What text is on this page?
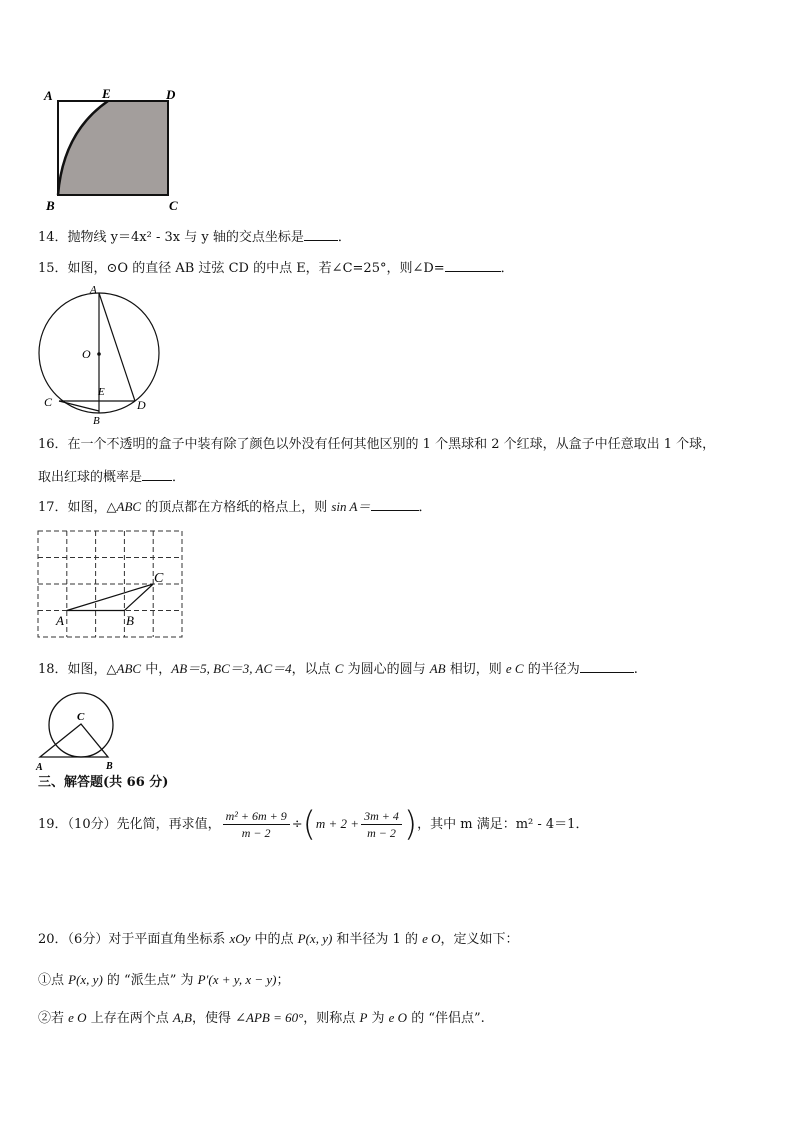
A	E	D
B	C
14．抛物线 y＝4x² - 3x 与 y 轴的交点坐标是	．
15．如图，⊙O 的直径 AB 过弦 CD 的中点 E，若∠C=25°，则∠D=	．
A
O
E
C
B
D
16．在一个不透明的盒子中装有除了颜色以外没有任何其他区别的 1 个黑球和 2 个红球，从盒子中任意取出 1 个球，
取出红球的概率是 ．
17．如图，△ABC 的顶点都在方格纸的格点上，则 sin A＝	．
A	B
C
18．如图，△ABC 中，AB＝5, BC＝3, AC＝4，以点 C 为圆心的圆与 AB 相切，则 e C 的半径为	.
C
A	B
三、解答题(共 66 分)
19．（10分）先化简，再求值， $\frac{\text{m² + 6m + 9}}{m - 2} \div(m + 2 + \frac{3m + 4}{m - 2}$ )，其中 m 满足：m² - 4＝1．
20．（6分）对于平面直角坐标系 xOy 中的点 P(x, y) 和半径为 1 的 e O，定义如下：
①点 P(x, y) 的 “派生点” 为 P′(x + y, x − y)；
②若 e O 上存在两个点 A,B，使得 ∠APB = 60°，则称点 P 为 e O 的 “伴侣点”.
